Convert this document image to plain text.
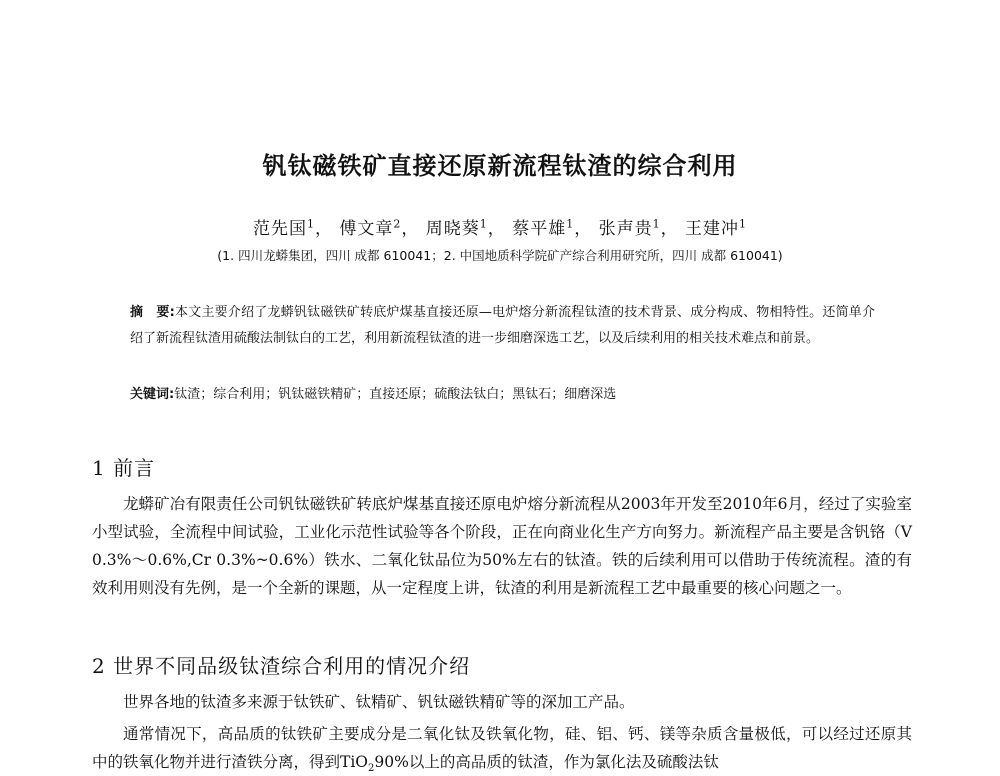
钒钛磁铁矿直接还原新流程钛渣的综合利用
范先国$^1$， 傅文章$^2$， 周晓葵$^1$， 蔡平雄$^1$， 张声贵$^1$， 王建冲$^1$
(1. 四川龙蟒集团，四川 成都 610041；2. 中国地质科学院矿产综合利用研究所，四川 成都 610041)
摘　要:本文主要介绍了龙蟒钒钛磁铁矿转底炉煤基直接还原—电炉熔分新流程钛渣的技术背景、成分构成、物相特性。还简单介绍了新流程钛渣用硫酸法制钛白的工艺，利用新流程钛渣的进一步细磨深选工艺，以及后续利用的相关技术难点和前景。
关键词:钛渣；综合利用；钒钛磁铁精矿；直接还原；硫酸法钛白；黑钛石；细磨深选
1 前言
龙蟒矿冶有限责任公司钒钛磁铁矿转底炉煤基直接还原电炉熔分新流程从2003年开发至2010年6月，经过了实验室小型试验，全流程中间试验，工业化示范性试验等各个阶段，正在向商业化生产方向努力。新流程产品主要是含钒铬（V 0.3%～0.6%,Cr 0.3%~0.6%）铁水、二氧化钛品位为50%左右的钛渣。铁的后续利用可以借助于传统流程。渣的有效利用则没有先例，是一个全新的课题，从一定程度上讲，钛渣的利用是新流程工艺中最重要的核心问题之一。
2 世界不同品级钛渣综合利用的情况介绍
世界各地的钛渣多来源于钛铁矿、钛精矿、钒钛磁铁精矿等的深加工产品。
通常情况下，高品质的钛铁矿主要成分是二氧化钛及铁氧化物，硅、铝、钙、镁等杂质含量极低，可以经过还原其中的铁氧化物并进行渣铁分离，得到TiO$_2$90%以上的高品质的钛渣，作为氯化法及硫酸法钛
